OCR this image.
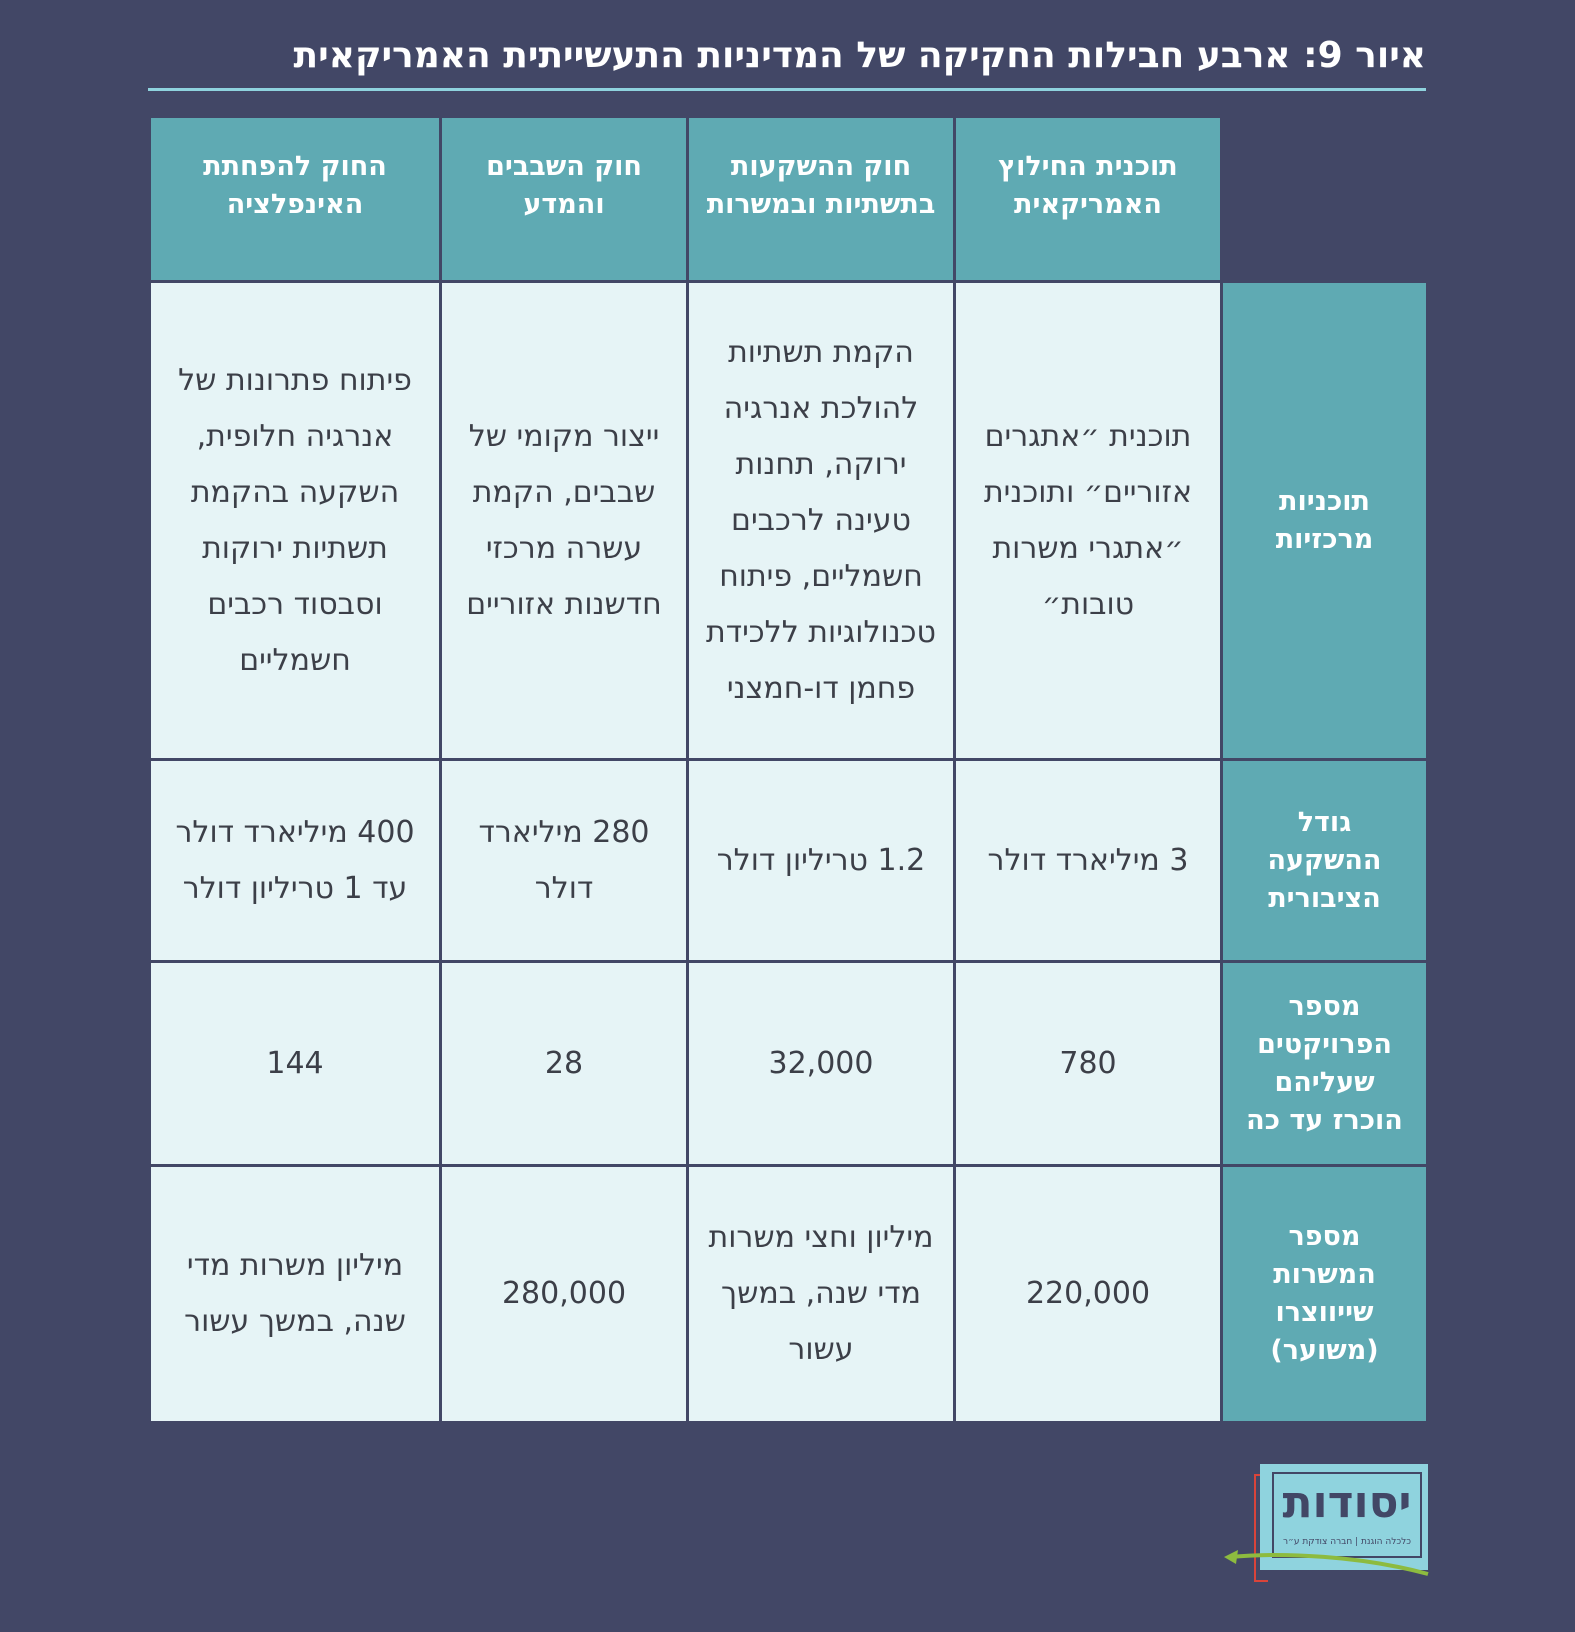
איור 9: ארבע חבילות החקיקה של המדיניות התעשייתית האמריקאית
	תוכנית החילוץ האמריקאית	חוק ההשקעות בתשתיות ובמשרות	חוק השבבים והמדע	החוק להפחתת האינפלציה
תוכניות מרכזיות	תוכנית ״אתגרים אזוריים״ ותוכנית ״אתגרי משרות טובות״	הקמת תשתיות להולכת אנרגיה ירוקה, תחנות טעינה לרכבים חשמליים, פיתוח טכנולוגיות ללכידת פחמן דו-חמצני	ייצור מקומי של שבבים, הקמת עשרה מרכזי חדשנות אזוריים	פיתוח פתרונות של אנרגיה חלופית, השקעה בהקמת תשתיות ירוקות וסבסוד רכבים חשמליים
גודל ההשקעה הציבורית	3 מיליארד דולר	1.2 טריליון דולר	280 מיליארד דולר	400 מיליארד דולר עד 1 טריליון דולר
מספר הפרויקטים שעליהם הוכרז עד כה	780	32,000	28	144
מספר המשרות שייווצרו (משוער)	220,000	מיליון וחצי משרות מדי שנה, במשך עשור	280,000	מיליון משרות מדי שנה, במשך עשור
יסודות
כלכלה הוגנת | חברה צודקת ע״ר
